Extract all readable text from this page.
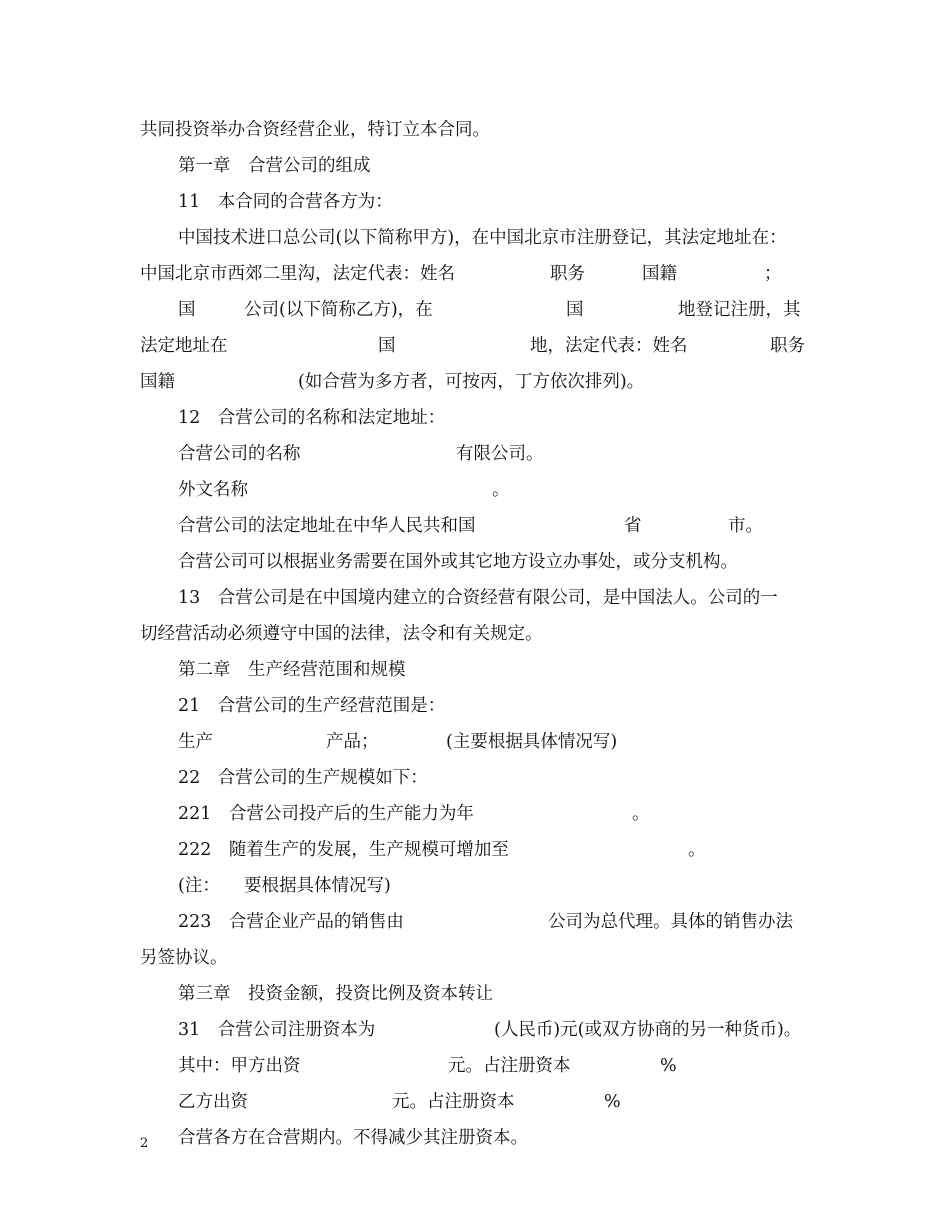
共同投资举办合资经营企业，特订立本合同。

第一章　合营公司的组成

11　本合同的合营各方为：

中国技术进口总公司(以下简称甲方)，在中国北京市注册登记，其法定地址在：

中国北京市西郊二里沟，法定代表：姓名

	职务

	国籍

	；

国

	公司(以下简称乙方)，在

	国

	地登记注册，其

法定地址在

	国

	地，法定代表：姓名

	职务

国籍

	(如合营为多方者，可按丙，丁方依次排列)。

12　合营公司的名称和法定地址：

合营公司的名称

	有限公司。

外文名称

	。

合营公司的法定地址在中华人民共和国

	省

	市。

合营公司可以根据业务需要在国外或其它地方设立办事处，或分支机构。

13　合营公司是在中国境内建立的合资经营有限公司，是中国法人。公司的一

切经营活动必须遵守中国的法律，法令和有关规定。

第二章　生产经营范围和规模

21　合营公司的生产经营范围是：

生产

	产品；

	(主要根据具体情况写)

22　合营公司的生产规模如下：

221　合营公司投产后的生产能力为年

	。

222　随着生产的发展，生产规模可增加至

	。

(注：

要根据具体情况写)

223　合营企业产品的销售由

	公司为总代理。具体的销售办法

另签协议。

第三章　投资金额，投资比例及资本转让

31　合营公司注册资本为

	(人民币)元(或双方协商的另一种货币)。

其中：甲方出资

	元。占注册资本

	%

乙方出资

	元。占注册资本

	%

合营各方在合营期内。不得减少其注册资本。

2
